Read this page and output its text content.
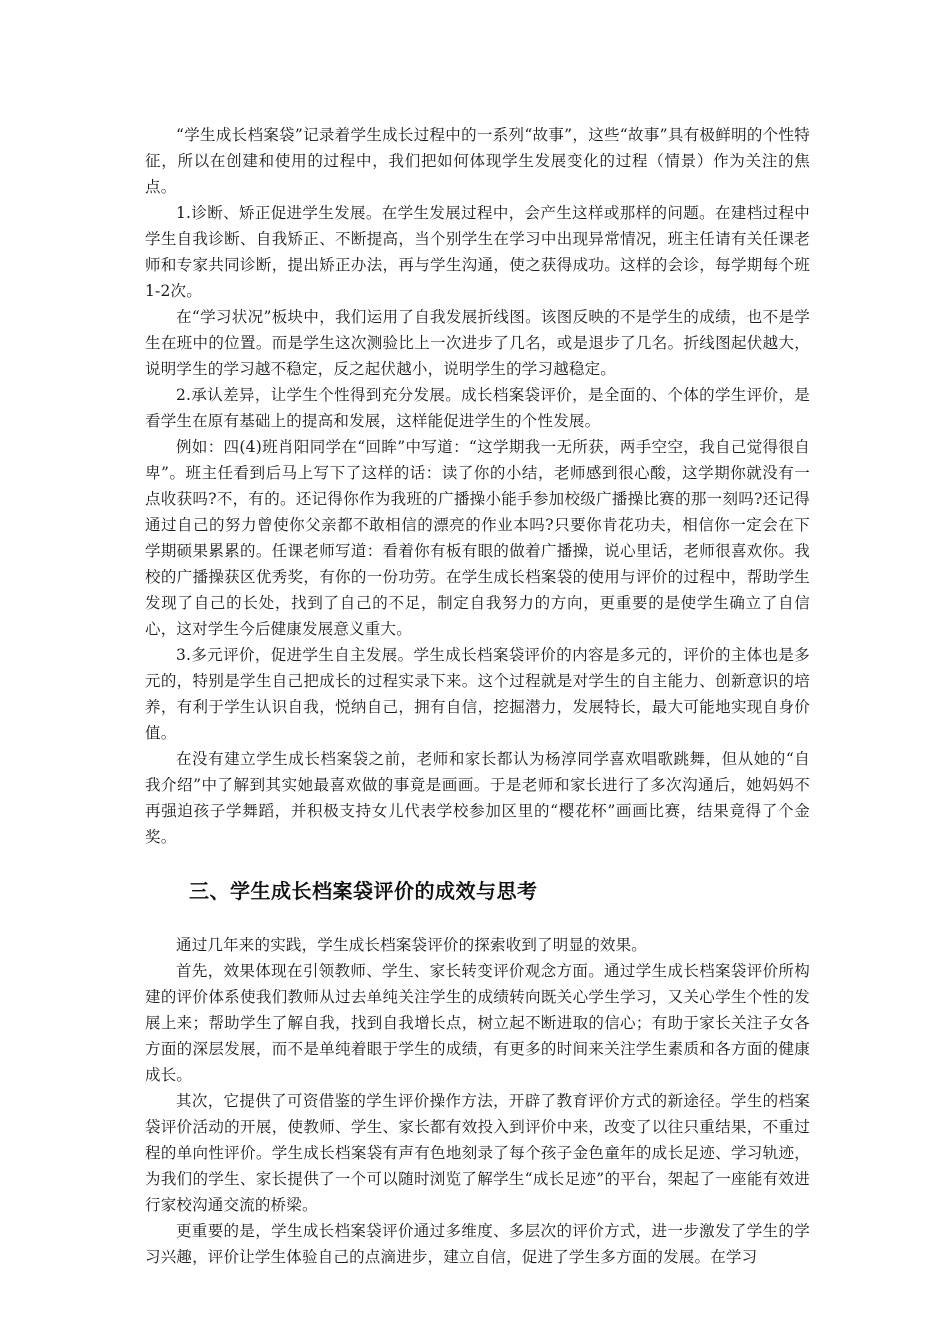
“学生成长档案袋”记录着学生成长过程中的一系列“故事”，这些“故事”具有极鲜明的个性特征，所以在创建和使用的过程中，我们把如何体现学生发展变化的过程（情景）作为关注的焦点。

1.诊断、矫正促进学生发展。在学生发展过程中，会产生这样或那样的问题。在建档过程中学生自我诊断、自我矫正、不断提高，当个别学生在学习中出现异常情况，班主任请有关任课老师和专家共同诊断，提出矫正办法，再与学生沟通，使之获得成功。这样的会诊，每学期每个班1-2次。

在“学习状况”板块中，我们运用了自我发展折线图。该图反映的不是学生的成绩，也不是学生在班中的位置。而是学生这次测验比上一次进步了几名，或是退步了几名。折线图起伏越大，说明学生的学习越不稳定，反之起伏越小，说明学生的学习越稳定。

2.承认差异，让学生个性得到充分发展。成长档案袋评价，是全面的、个体的学生评价，是看学生在原有基础上的提高和发展，这样能促进学生的个性发展。

例如：四(4)班肖阳同学在“回眸”中写道：“这学期我一无所获，两手空空，我自己觉得很自卑”。班主任看到后马上写下了这样的话：读了你的小结，老师感到很心酸，这学期你就没有一点收获吗?不，有的。还记得你作为我班的广播操小能手参加校级广播操比赛的那一刻吗?还记得通过自己的努力曾使你父亲都不敢相信的漂亮的作业本吗?只要你肯花功夫，相信你一定会在下学期硕果累累的。任课老师写道：看着你有板有眼的做着广播操，说心里话，老师很喜欢你。我校的广播操获区优秀奖，有你的一份功劳。在学生成长档案袋的使用与评价的过程中，帮助学生发现了自己的长处，找到了自己的不足，制定自我努力的方向，更重要的是使学生确立了自信心，这对学生今后健康发展意义重大。

3.多元评价，促进学生自主发展。学生成长档案袋评价的内容是多元的，评价的主体也是多元的，特别是学生自己把成长的过程实录下来。这个过程就是对学生的自主能力、创新意识的培养，有利于学生认识自我，悦纳自己，拥有自信，挖掘潜力，发展特长，最大可能地实现自身价值。

在没有建立学生成长档案袋之前，老师和家长都认为杨淳同学喜欢唱歌跳舞，但从她的“自我介绍”中了解到其实她最喜欢做的事竟是画画。于是老师和家长进行了多次沟通后，她妈妈不再强迫孩子学舞蹈，并积极支持女儿代表学校参加区里的“樱花杯”画画比赛，结果竟得了个金奖。

三、学生成长档案袋评价的成效与思考

通过几年来的实践，学生成长档案袋评价的探索收到了明显的效果。

首先，效果体现在引领教师、学生、家长转变评价观念方面。通过学生成长档案袋评价所构建的评价体系使我们教师从过去单纯关注学生的成绩转向既关心学生学习，又关心学生个性的发展上来；帮助学生了解自我，找到自我增长点，树立起不断进取的信心；有助于家长关注子女各方面的深层发展，而不是单纯着眼于学生的成绩，有更多的时间来关注学生素质和各方面的健康成长。

其次，它提供了可资借鉴的学生评价操作方法，开辟了教育评价方式的新途径。学生的档案袋评价活动的开展，使教师、学生、家长都有效投入到评价中来，改变了以往只重结果，不重过程的单向性评价。学生成长档案袋有声有色地刻录了每个孩子金色童年的成长足迹、学习轨迹，为我们的学生、家长提供了一个可以随时浏览了解学生“成长足迹”的平台，架起了一座能有效进行家校沟通交流的桥梁。

更重要的是，学生成长档案袋评价通过多维度、多层次的评价方式，进一步激发了学生的学习兴趣，评价让学生体验自己的点滴进步，建立自信，促进了学生多方面的发展。在学习
